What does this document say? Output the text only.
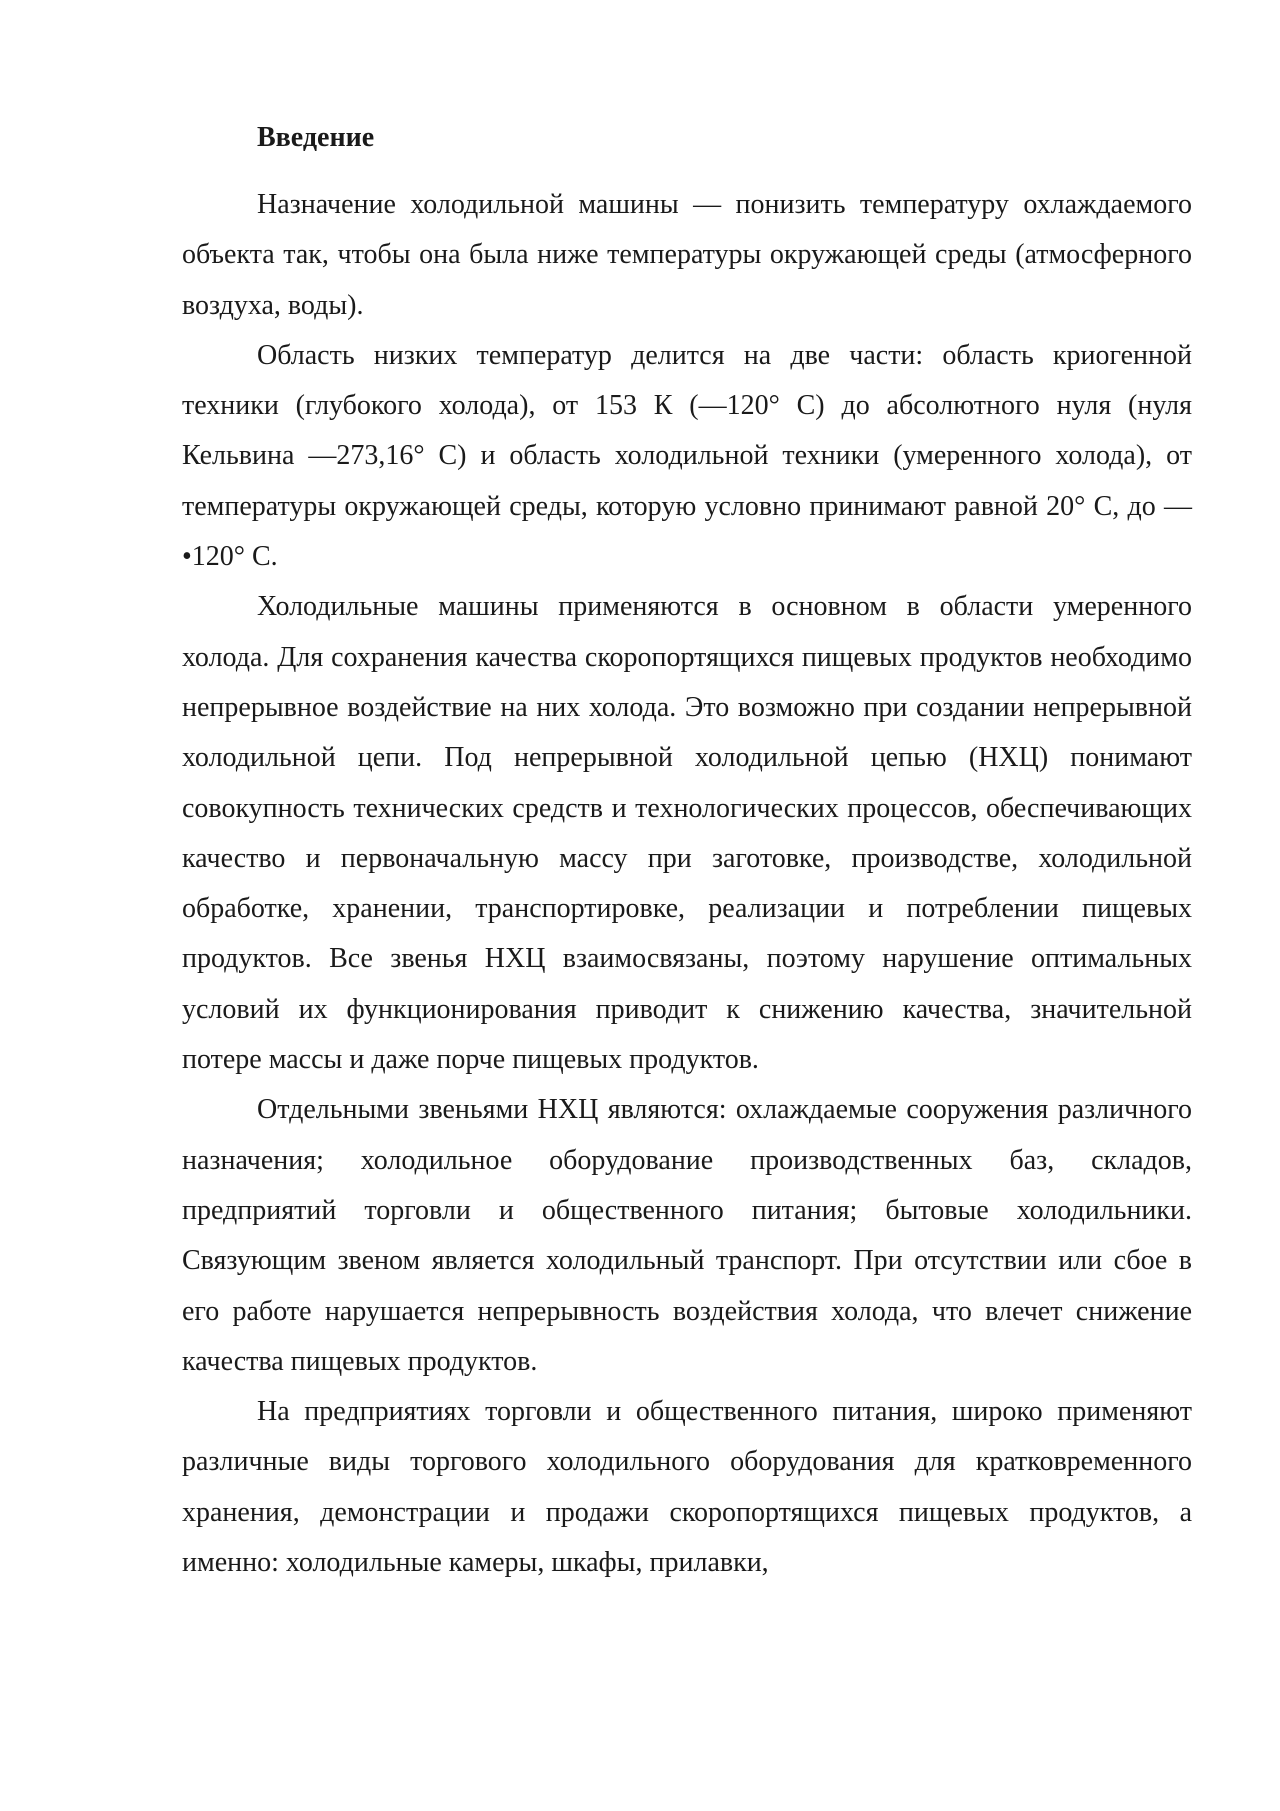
Введение

Назначение холодильной машины — понизить температуру охлаждаемого объекта так, чтобы она была ниже температуры окружающей среды (атмосферного воздуха, воды).

Область низких температур делится на две части: область криогенной техники (глубокого холода), от 153 К (—120° С) до абсолютного нуля (нуля Кельвина —273,16° С) и область холодильной техники (умеренного холода), от температуры окружающей среды, которую условно принимают равной 20° С, до —•120° С.

Холодильные машины применяются в основном в области умеренного холода. Для сохранения качества скоропортящихся пищевых продуктов необходимо непрерывное воздействие на них холода. Это возможно при создании непрерывной холодильной цепи. Под непрерывной холодильной цепью (НХЦ) понимают совокупность технических средств и технологических процессов, обеспечивающих качество и первоначальную массу при заготовке, производстве, холодильной обработке, хранении, транспортировке, реализации и потреблении пищевых продуктов. Все звенья НХЦ взаимосвязаны, поэтому нарушение оптимальных условий их функционирования приводит к снижению качества, значительной потере массы и даже порче пищевых продуктов.

Отдельными звеньями НХЦ являются: охлаждаемые сооружения различного назначения; холодильное оборудование производственных баз, складов, предприятий торговли и общественного питания; бытовые холодильники. Связующим звеном является холодильный транспорт. При отсутствии или сбое в его работе нарушается непрерывность воздействия холода, что влечет снижение качества пищевых продуктов.

На предприятиях торговли и общественного питания, широко применяют различные виды торгового холодильного оборудования для кратковременного хранения, демонстрации и продажи скоропортящихся пищевых продуктов, а именно: холодильные камеры, шкафы, прилавки,
